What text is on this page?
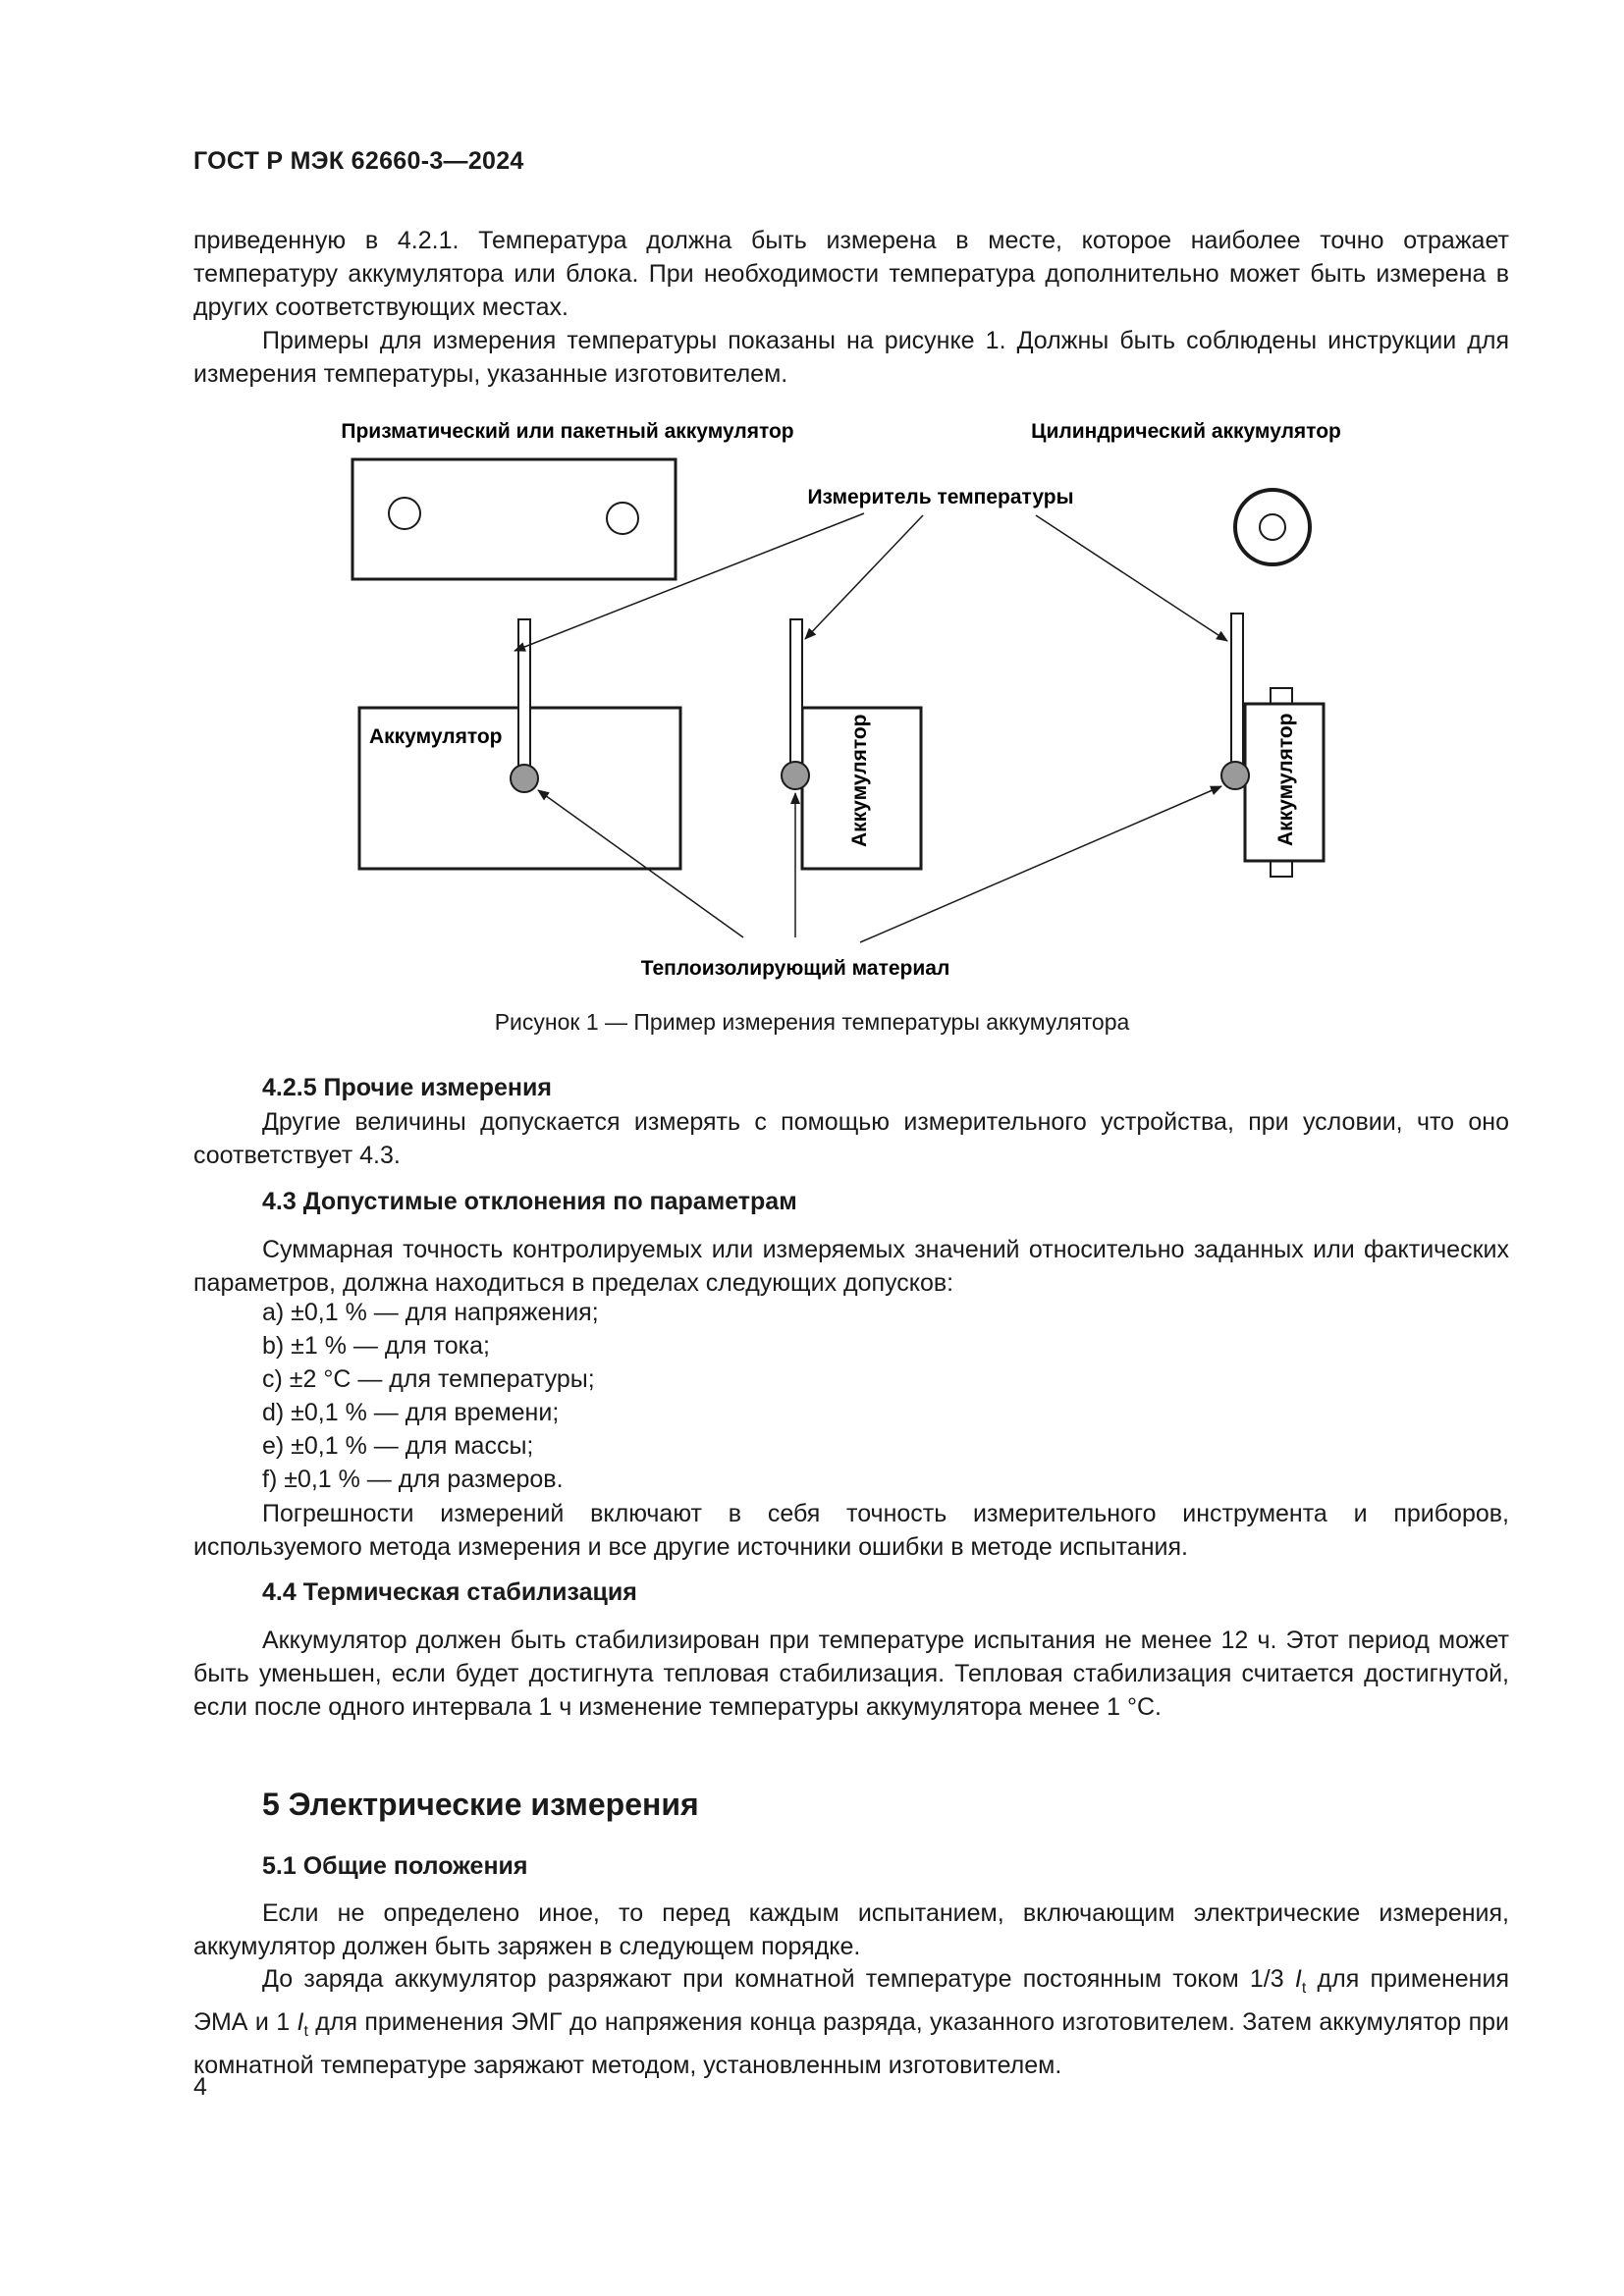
ГОСТ Р МЭК 62660-3—2024

приведенную в 4.2.1. Температура должна быть измерена в месте, которое наиболее точно отражает температуру аккумулятора или блока. При необходимости температура дополнительно может быть измерена в других соответствующих местах.

Примеры для измерения температуры показаны на рисунке 1. Должны быть соблюдены инструкции для измерения температуры, указанные изготовителем.

Призматический или пакетный аккумулятор	Цилиндрический аккумулятор
Измеритель температуры
Аккумулятор	Аккумулятор	Аккумулятор
Теплоизолирующий материал
Рисунок 1 — Пример измерения температуры аккумулятора
4.2.5 Прочие измерения
Другие величины допускается измерять с помощью измерительного устройства, при условии, что оно соответствует 4.3.
4.3 Допустимые отклонения по параметрам
Суммарная точность контролируемых или измеряемых значений относительно заданных или фактических параметров, должна находиться в пределах следующих допусков:
a) ±0,1 % — для напряжения;
b) ±1 % — для тока;
c) ±2 °С — для температуры;
d) ±0,1 % — для времени;
e) ±0,1 % — для массы;
f) ±0,1 % — для размеров.
Погрешности измерений включают в себя точность измерительного инструмента и приборов, используемого метода измерения и все другие источники ошибки в методе испытания.
4.4 Термическая стабилизация
Аккумулятор должен быть стабилизирован при температуре испытания не менее 12 ч. Этот период может быть уменьшен, если будет достигнута тепловая стабилизация. Тепловая стабилизация считается достигнутой, если после одного интервала 1 ч изменение температуры аккумулятора менее 1 °С.
5 Электрические измерения
5.1 Общие положения
Если не определено иное, то перед каждым испытанием, включающим электрические измерения, аккумулятор должен быть заряжен в следующем порядке.
До заряда аккумулятор разряжают при комнатной температуре постоянным током 1/3 $I_t$ для применения ЭМА и 1 $I_t$ для применения ЭМГ до напряжения конца разряда, указанного изготовителем. Затем аккумулятор при комнатной температуре заряжают методом, установленным изготовителем.
4
